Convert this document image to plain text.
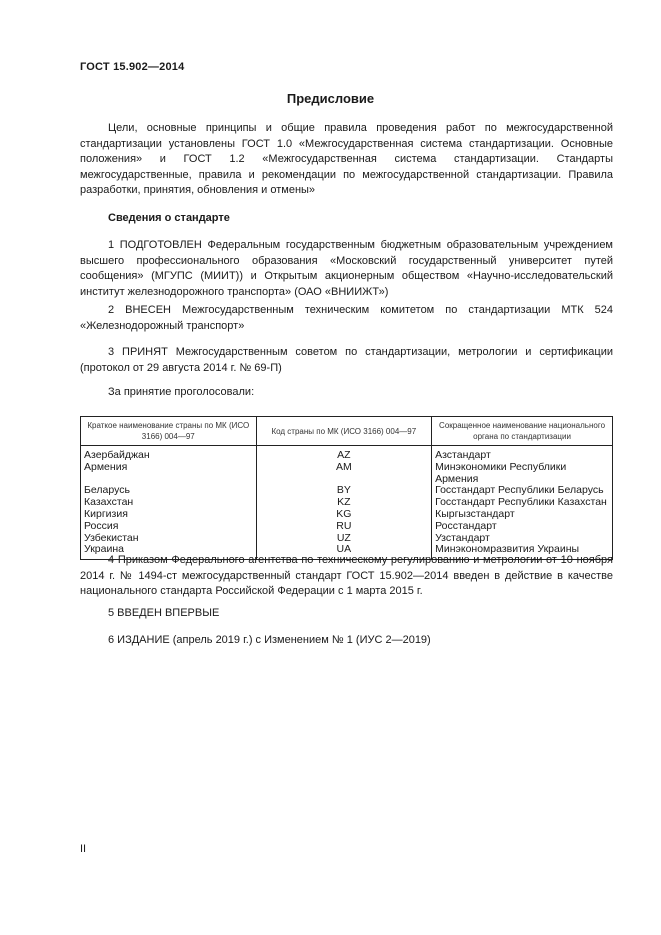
ГОСТ 15.902—2014
Предисловие

Цели, основные принципы и общие правила проведения работ по межгосударственной стандартизации установлены ГОСТ 1.0 «Межгосударственная система стандартизации. Основные положения» и ГОСТ 1.2 «Межгосударственная система стандартизации. Стандарты межгосударственные, правила и рекомендации по межгосударственной стандартизации. Правила разработки, принятия, обновления и отмены»

Сведения о стандарте

1 ПОДГОТОВЛЕН Федеральным государственным бюджетным образовательным учреждением высшего профессионального образования «Московский государственный университет путей сообщения» (МГУПС (МИИТ)) и Открытым акционерным обществом «Научно-исследовательский институт железнодорожного транспорта» (ОАО «ВНИИЖТ»)

2 ВНЕСЕН Межгосударственным техническим комитетом по стандартизации МТК 524 «Железнодорожный транспорт»

3 ПРИНЯТ Межгосударственным советом по стандартизации, метрологии и сертификации (протокол от 29 августа 2014 г. № 69-П)

За принятие проголосовали:

Краткое наименование страны по МК (ИСО 3166) 004—97	Код страны по МК (ИСО 3166) 004—97	Сокращенное наименование национального органа по стандартизации
Азербайджан	AZ	Азстандарт
Армения	AM	Минэкономики Республики Армения
Беларусь	BY	Госстандарт Республики Беларусь
Казахстан	KZ	Госстандарт Республики Казахстан
Киргизия	KG	Кыргызстандарт
Россия	RU	Росстандарт
Узбекистан	UZ	Узстандарт
Украина	UA	Минэкономразвития Украины

4 Приказом Федерального агентства по техническому регулированию и метрологии от 10 ноября 2014 г. № 1494-ст межгосударственный стандарт ГОСТ 15.902—2014 введен в действие в качестве национального стандарта Российской Федерации с 1 марта 2015 г.

5 ВВЕДЕН ВПЕРВЫЕ

6 ИЗДАНИЕ (апрель 2019 г.) с Изменением № 1 (ИУС 2—2019)

II
